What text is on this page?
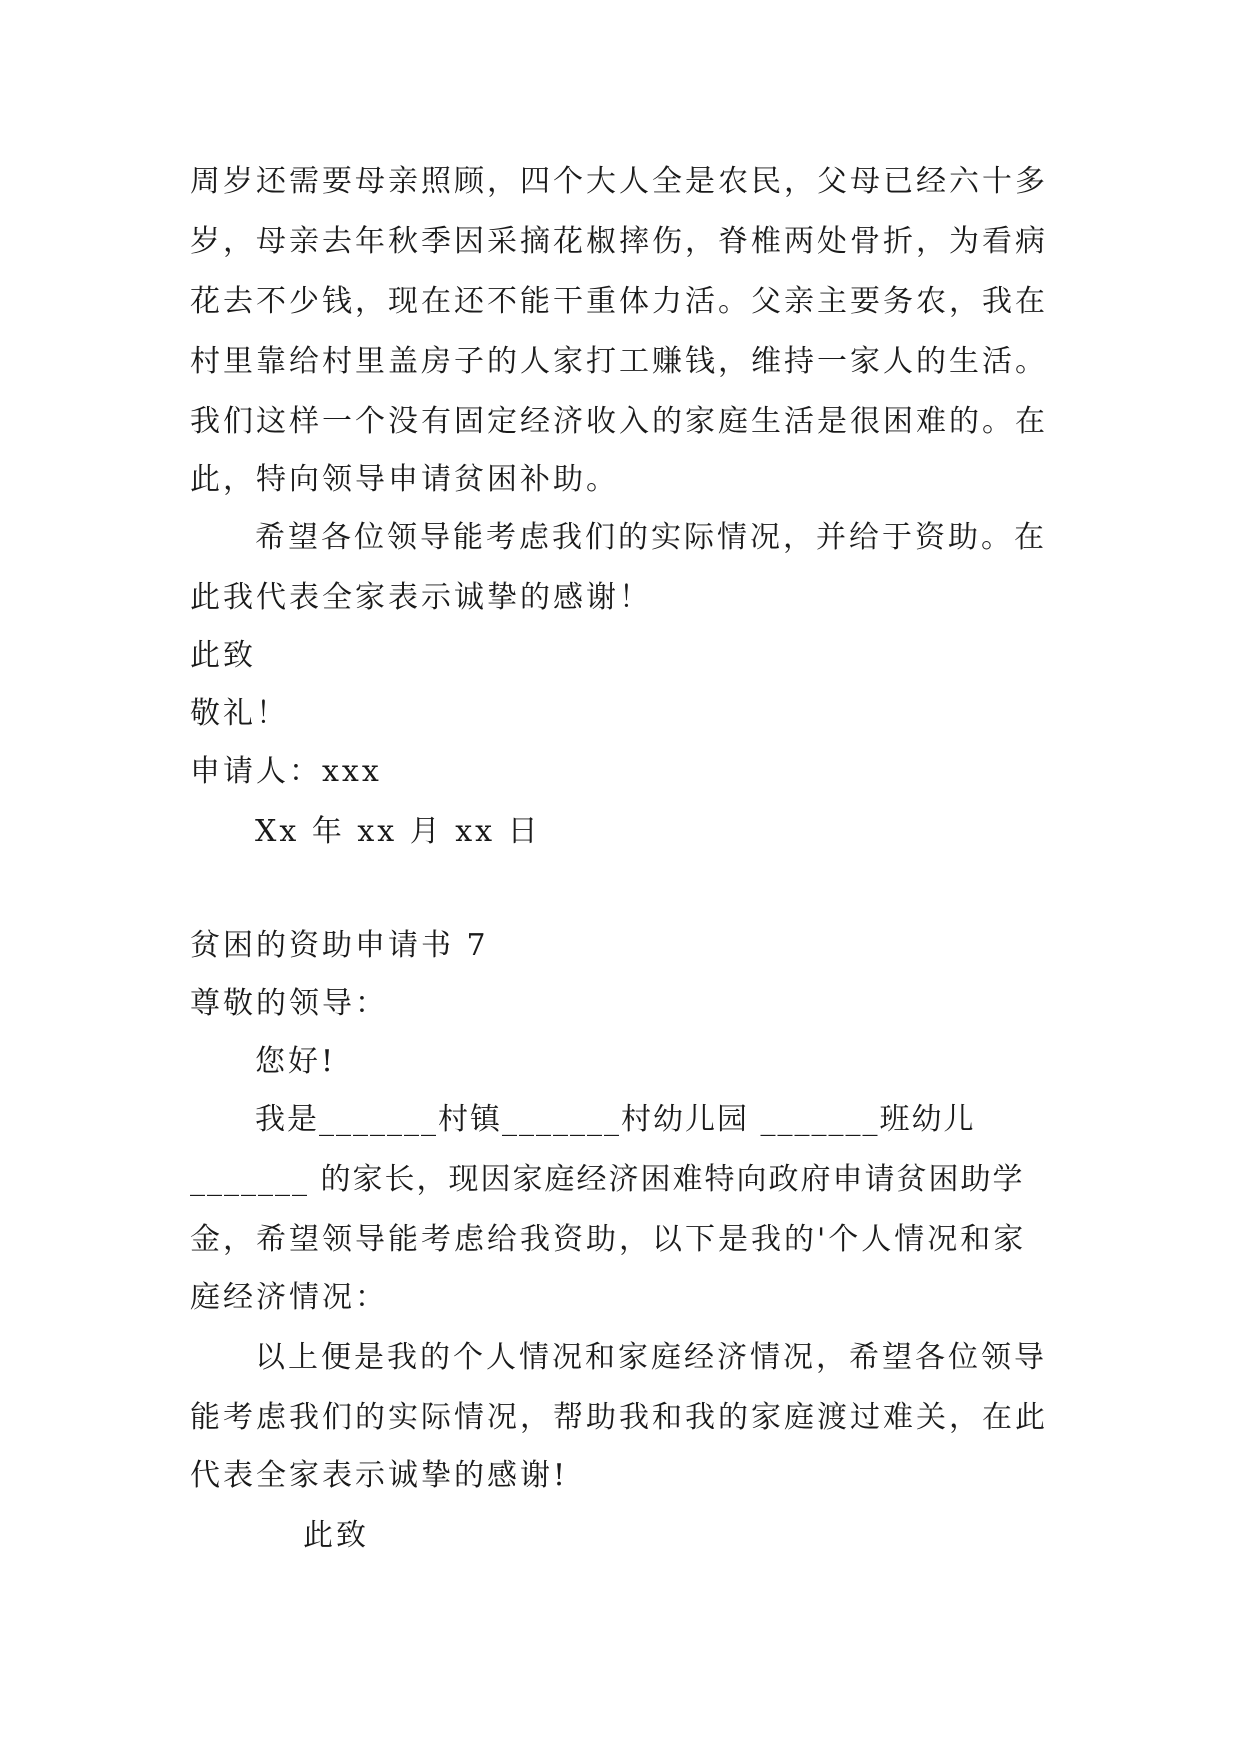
周岁还需要母亲照顾，四个大人全是农民，父母已经六十多
岁，母亲去年秋季因采摘花椒摔伤，脊椎两处骨折，为看病
花去不少钱，现在还不能干重体力活。父亲主要务农，我在
村里靠给村里盖房子的人家打工赚钱，维持一家人的生活。
我们这样一个没有固定经济收入的家庭生活是很困难的。在
此，特向领导申请贫困补助。
希望各位领导能考虑我们的实际情况，并给于资助。在
此我代表全家表示诚挚的感谢！
此致
敬礼！
申请人：xxx
Xx 年 xx 月 xx 日
贫困的资助申请书 7
尊敬的领导：
您好!
我是_______村镇_______村幼儿园 _______班幼儿
_______ 的家长，现因家庭经济困难特向政府申请贫困助学
金，希望领导能考虑给我资助，以下是我的'个人情况和家
庭经济情况：
以上便是我的个人情况和家庭经济情况，希望各位领导
能考虑我们的实际情况，帮助我和我的家庭渡过难关，在此
代表全家表示诚挚的感谢!
此致
